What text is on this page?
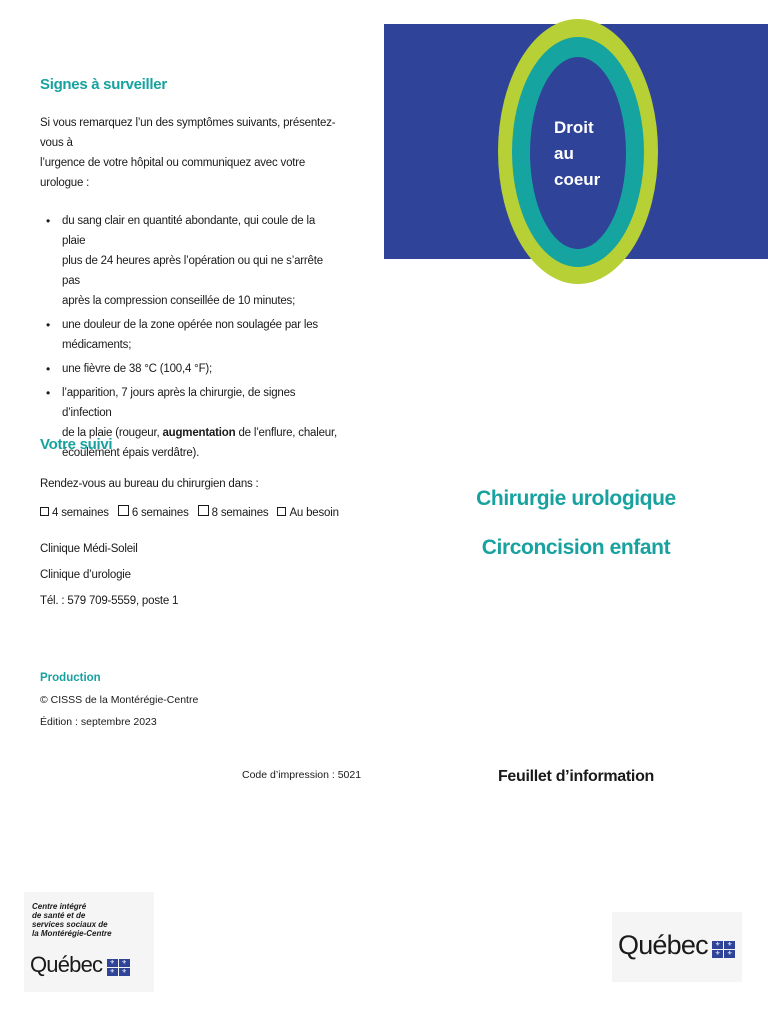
Signes à surveiller
Si vous remarquez l’un des symptômes suivants, présentez-vous à
l’urgence de votre hôpital ou communiquez avec votre urologue :
• du sang clair en quantité abondante, qui coule de la plaie
plus de 24 heures après l’opération ou qui ne s’arrête pas
après la compression conseillée de 10 minutes;
• une douleur de la zone opérée non soulagée par les
médicaments;
• une fièvre de 38 °C (100,4 °F);
• l’apparition, 7 jours après la chirurgie, de signes d’infection
de la plaie (rougeur, augmentation de l’enflure, chaleur,
écoulement épais verdâtre).
Votre suivi
Rendez-vous au bureau du chirurgien dans :
4 semaines 6 semaines 8 semaines Au besoin
Clinique Médi-Soleil
Clinique d’urologie
Tél. : 579 709-5559, poste 1
Production
© CISSS de la Montérégie-Centre
Édition : septembre 2023
Code d’impression : 5021
Centre intégré
de santé et de
services sociaux de
la Montérégie-Centre
Québec	⚜	⚜
⚜	⚜
Droit
au
coeur
Chirurgie urologique
Circoncision enfant
Feuillet d’information
Québec	⚜	⚜
⚜	⚜
